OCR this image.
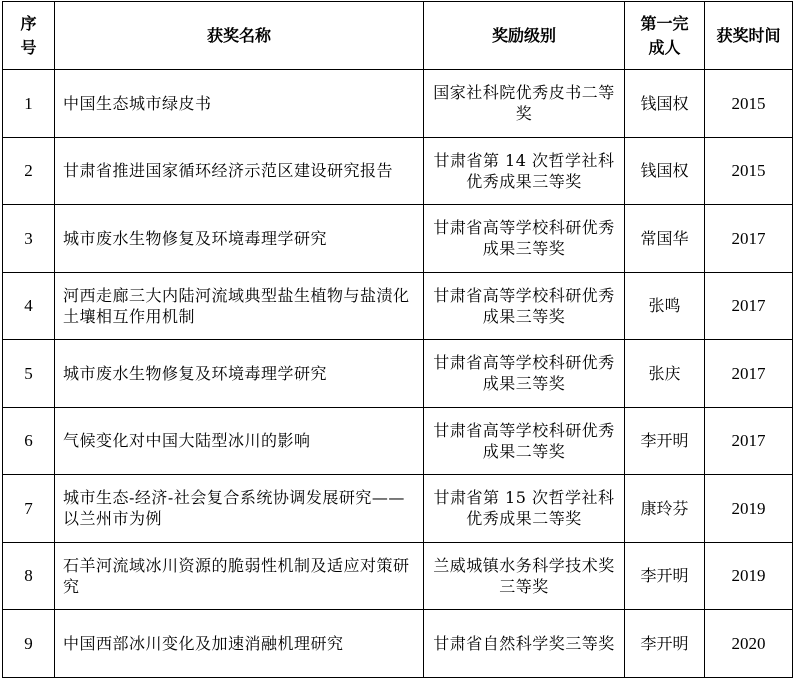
序号	获奖名称	奖励级别	第一完成人	获奖时间
1	中国生态城市绿皮书	国家社科院优秀皮书二等奖	钱国权	2015
2	甘肃省推进国家循环经济示范区建设研究报告	甘肃省第 14 次哲学社科优秀成果三等奖	钱国权	2015
3	城市废水生物修复及环境毒理学研究	甘肃省高等学校科研优秀成果三等奖	常国华	2017
4	河西走廊三大内陆河流域典型盐生植物与盐渍化土壤相互作用机制	甘肃省高等学校科研优秀成果三等奖	张鸣	2017
5	城市废水生物修复及环境毒理学研究	甘肃省高等学校科研优秀成果三等奖	张庆	2017
6	气候变化对中国大陆型冰川的影响	甘肃省高等学校科研优秀成果二等奖	李开明	2017
7	城市生态-经济-社会复合系统协调发展研究——以兰州市为例	甘肃省第 15 次哲学社科优秀成果二等奖	康玲芬	2019
8	石羊河流域冰川资源的脆弱性机制及适应对策研究	兰威城镇水务科学技术奖三等奖	李开明	2019
9	中国西部冰川变化及加速消融机理研究	甘肃省自然科学奖三等奖	李开明	2020
